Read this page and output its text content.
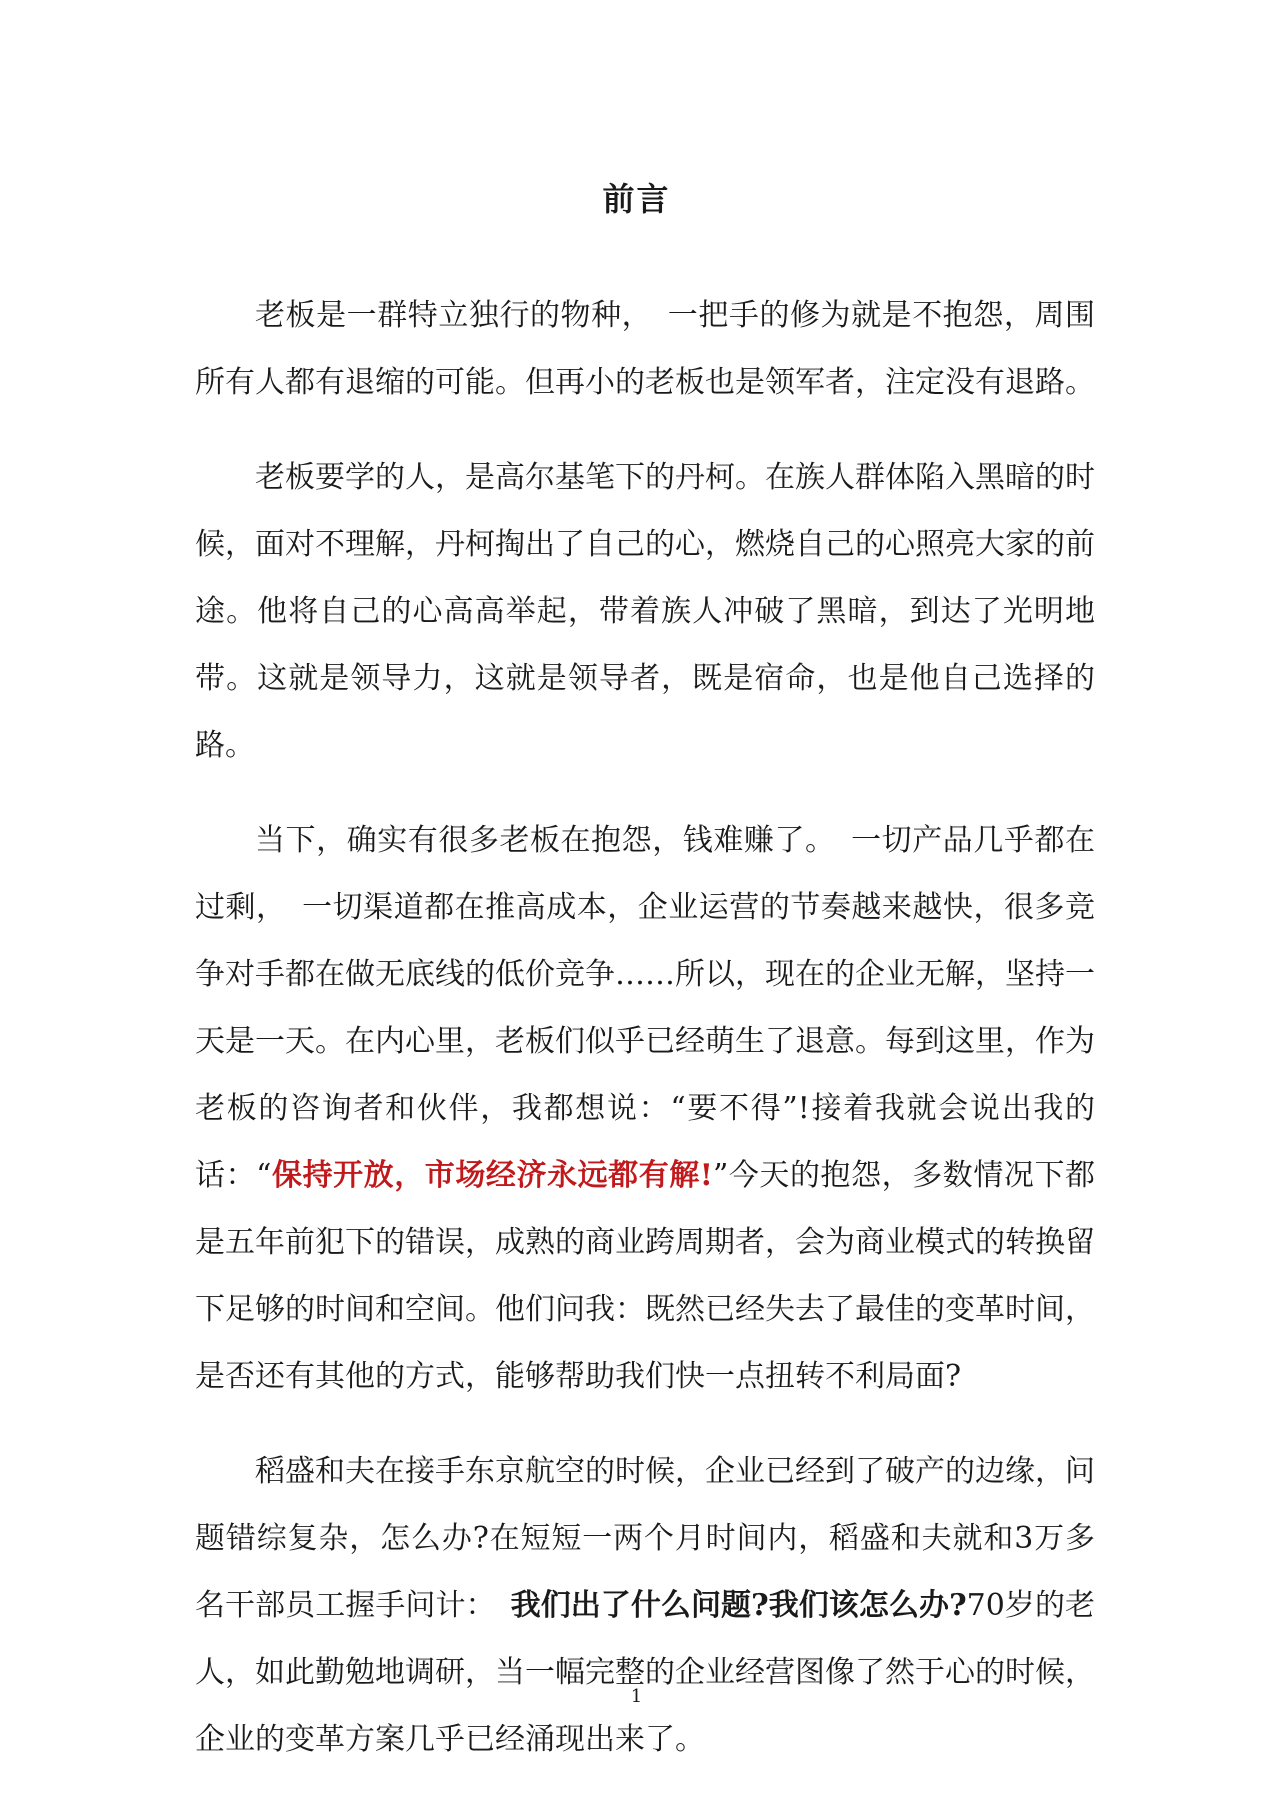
前言

老板是一群特立独行的物种，　一把手的修为就是不抱怨，周围所有人都有退缩的可能。但再小的老板也是领军者，注定没有退路。

老板要学的人，是高尔基笔下的丹柯。在族人群体陷入黑暗的时候，面对不理解，丹柯掏出了自己的心，燃烧自己的心照亮大家的前途。他将自己的心高高举起，带着族人冲破了黑暗，到达了光明地带。这就是领导力，这就是领导者，既是宿命，也是他自己选择的路。

当下，确实有很多老板在抱怨，钱难赚了。　一切产品几乎都在过剩，　一切渠道都在推高成本，企业运营的节奏越来越快，很多竞争对手都在做无底线的低价竞争……所以，现在的企业无解，坚持一天是一天。在内心里，老板们似乎已经萌生了退意。每到这里，作为老板的咨询者和伙伴，我都想说：“要不得”!接着我就会说出我的话：“保持开放，市场经济永远都有解!”今天的抱怨，多数情况下都是五年前犯下的错误，成熟的商业跨周期者，会为商业模式的转换留下足够的时间和空间。他们问我：既然已经失去了最佳的变革时间，是否还有其他的方式，能够帮助我们快一点扭转不利局面?

稻盛和夫在接手东京航空的时候，企业已经到了破产的边缘，问题错综复杂，怎么办?在短短一两个月时间内，稻盛和夫就和3万多名干部员工握手问计：　我们出了什么问题?我们该怎么办?70岁的老人，如此勤勉地调研，当一幅完整的企业经营图像了然于心的时候，企业的变革方案几乎已经涌现出来了。

1
